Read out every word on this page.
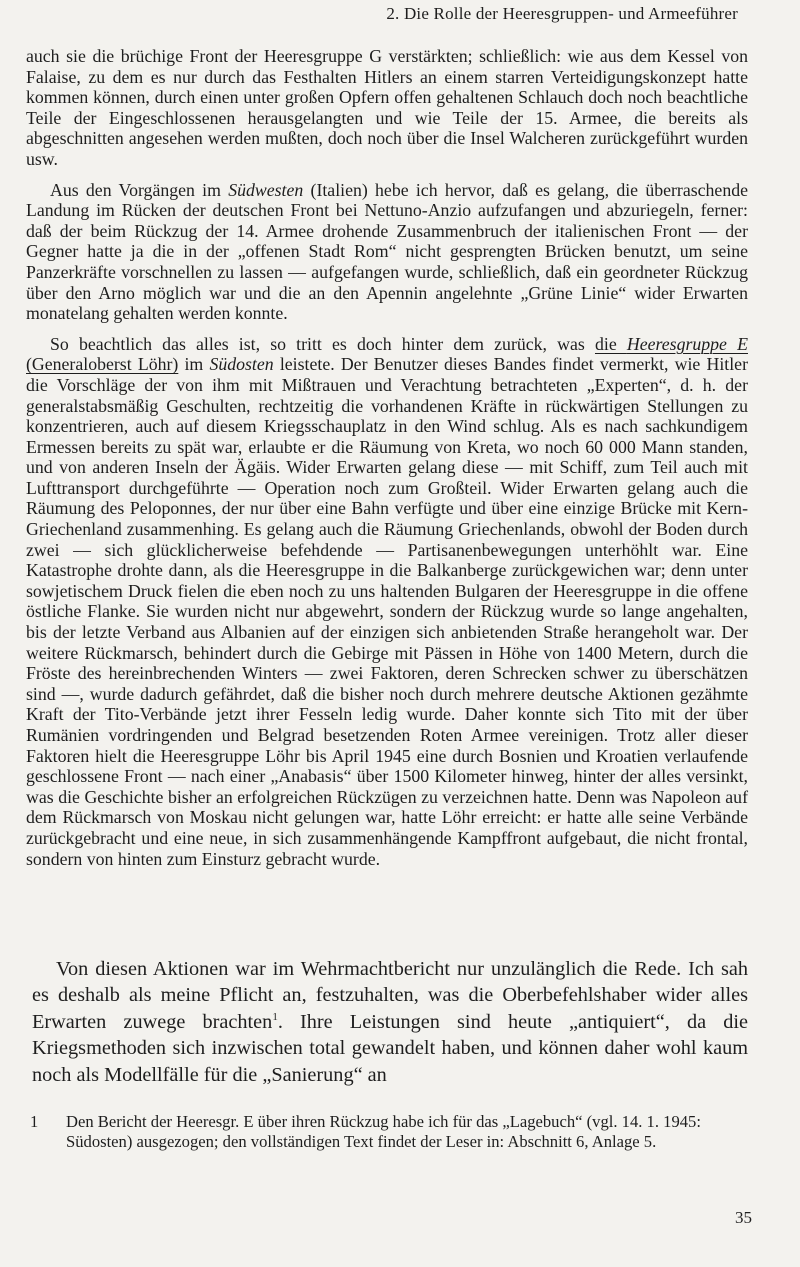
2. Die Rolle der Heeresgruppen- und Armeeführer

auch sie die brüchige Front der Heeresgruppe G verstärkten; schließlich: wie aus dem Kessel von Falaise, zu dem es nur durch das Festhalten Hitlers an einem starren Verteidigungskonzept hatte kommen können, durch einen unter großen Opfern offen gehaltenen Schlauch doch noch beachtliche Teile der Eingeschlossenen herausgelangten und wie Teile der 15. Armee, die bereits als abgeschnitten angesehen werden mußten, doch noch über die Insel Walcheren zurückgeführt wurden usw.

Aus den Vorgängen im Südwesten (Italien) hebe ich hervor, daß es gelang, die überraschende Landung im Rücken der deutschen Front bei Nettuno-Anzio aufzufangen und abzuriegeln, ferner: daß der beim Rückzug der 14. Armee drohende Zusammenbruch der italienischen Front — der Gegner hatte ja die in der „offenen Stadt Rom“ nicht gesprengten Brücken benutzt, um seine Panzerkräfte vorschnellen zu lassen — aufgefangen wurde, schließlich, daß ein geordneter Rückzug über den Arno möglich war und die an den Apennin angelehnte „Grüne Linie“ wider Erwarten monatelang gehalten werden konnte.

So beachtlich das alles ist, so tritt es doch hinter dem zurück, was die Heeresgruppe E (Generaloberst Löhr) im Südosten leistete. Der Benutzer dieses Bandes findet vermerkt, wie Hitler die Vorschläge der von ihm mit Mißtrauen und Verachtung betrachteten „Experten“, d. h. der generalstabsmäßig Geschulten, rechtzeitig die vorhandenen Kräfte in rückwärtigen Stellungen zu konzentrieren, auch auf diesem Kriegsschauplatz in den Wind schlug. Als es nach sachkundigem Ermessen bereits zu spät war, erlaubte er die Räumung von Kreta, wo noch 60 000 Mann standen, und von anderen Inseln der Ägäis. Wider Erwarten gelang diese — mit Schiff, zum Teil auch mit Lufttransport durchgeführte — Operation noch zum Großteil. Wider Erwarten gelang auch die Räumung des Peloponnes, der nur über eine Bahn verfügte und über eine einzige Brücke mit Kern-Griechenland zusammenhing. Es gelang auch die Räumung Griechenlands, obwohl der Boden durch zwei — sich glücklicherweise befehdende — Partisanenbewegungen unterhöhlt war. Eine Katastrophe drohte dann, als die Heeresgruppe in die Balkanberge zurückgewichen war; denn unter sowjetischem Druck fielen die eben noch zu uns haltenden Bulgaren der Heeresgruppe in die offene östliche Flanke. Sie wurden nicht nur abgewehrt, sondern der Rückzug wurde so lange angehalten, bis der letzte Verband aus Albanien auf der einzigen sich anbietenden Straße herangeholt war. Der weitere Rückmarsch, behindert durch die Gebirge mit Pässen in Höhe von 1400 Metern, durch die Fröste des hereinbrechenden Winters — zwei Faktoren, deren Schrecken schwer zu überschätzen sind —, wurde dadurch gefährdet, daß die bisher noch durch mehrere deutsche Aktionen gezähmte Kraft der Tito-Verbände jetzt ihrer Fesseln ledig wurde. Daher konnte sich Tito mit der über Rumänien vordringenden und Belgrad besetzenden Roten Armee vereinigen. Trotz aller dieser Faktoren hielt die Heeresgruppe Löhr bis April 1945 eine durch Bosnien und Kroatien verlaufende geschlossene Front — nach einer „Anabasis“ über 1500 Kilometer hinweg, hinter der alles versinkt, was die Geschichte bisher an erfolgreichen Rückzügen zu verzeichnen hatte. Denn was Napoleon auf dem Rückmarsch von Moskau nicht gelungen war, hatte Löhr erreicht: er hatte alle seine Verbände zurückgebracht und eine neue, in sich zusammenhängende Kampffront aufgebaut, die nicht frontal, sondern von hinten zum Einsturz gebracht wurde.

Von diesen Aktionen war im Wehrmachtbericht nur unzulänglich die Rede. Ich sah es deshalb als meine Pflicht an, festzuhalten, was die Oberbefehlshaber wider alles Erwarten zuwege brachten$^1$. Ihre Leistungen sind heute „antiquiert“, da die Kriegsmethoden sich inzwischen total gewandelt haben, und können daher wohl kaum noch als Modellfälle für die „Sanierung“ an

1	Den Bericht der Heeresgr. E über ihren Rückzug habe ich für das „Lagebuch“ (vgl. 14. 1. 1945: Südosten) ausgezogen; den vollständigen Text findet der Leser in: Abschnitt 6, Anlage 5.
35
